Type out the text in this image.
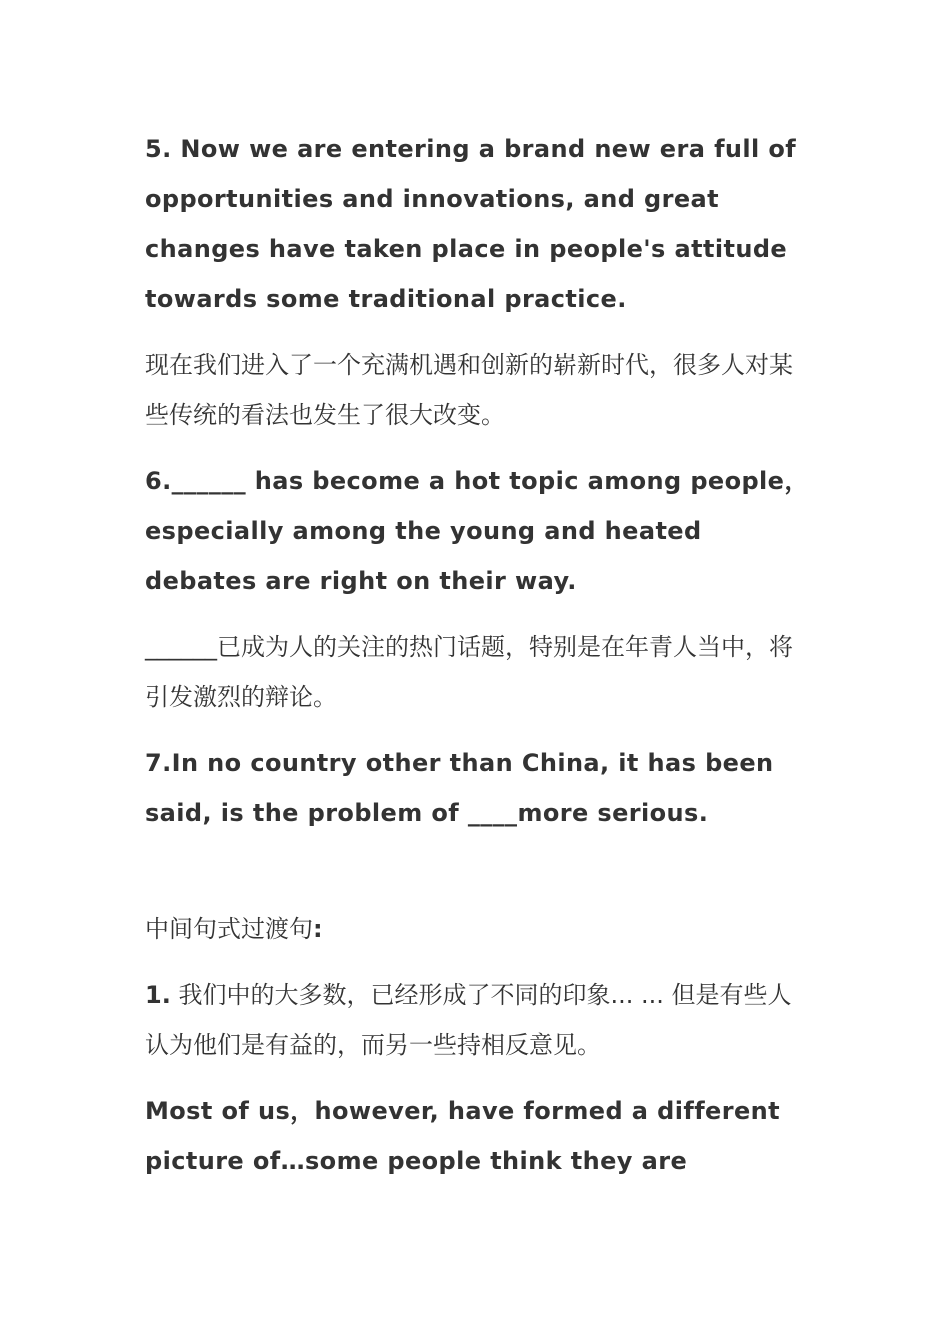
5. Now we are entering a brand new era full of opportunities and innovations, and great changes have taken place in people's attitude towards some traditional practice.

现在我们进入了一个充满机遇和创新的崭新时代，很多人对某些传统的看法也发生了很大改变。

6.______ has become a hot topic among people，especially among the young and heated debates are right on their way.

______已成为人的关注的热门话题，特别是在年青人当中，将引发激烈的辩论。

7.In no country other than China, it has been said, is the problem of ____more serious.

中间句式过渡句:

1. 我们中的大多数，已经形成了不同的印象... ... 但是有些人认为他们是有益的，而另一些持相反意见。

Most of us，however, have formed a different picture of…some people think they are
